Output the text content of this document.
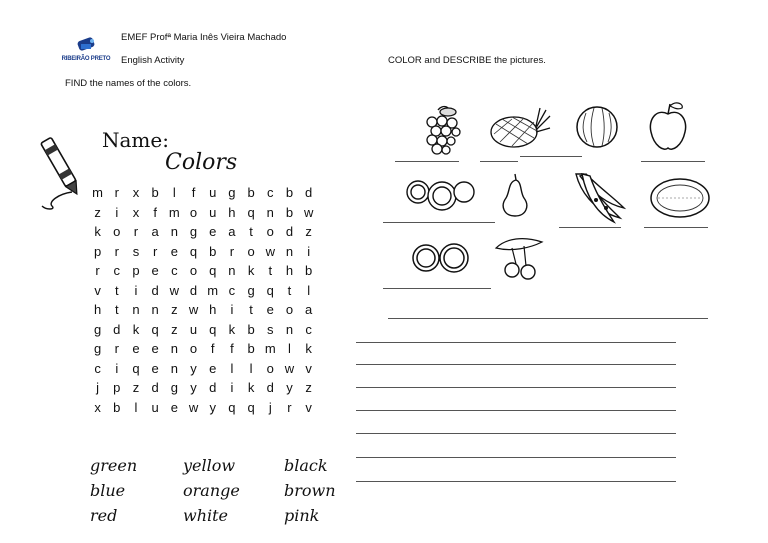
RIBEIRÃO PRETO
EMEF Profª Maria Inês Vieira Machado
English Activity
FIND the names of the colors.
COLOR and DESCRIBE the pictures.
Name:
Colors
m	r	x	b	l	f	u	g	b	c	b	d
z	i	x	f	m	o	u	h	q	n	b	w
k	o	r	a	n	g	e	a	t	o	d	z
p	r	s	r	e	q	b	r	o	w	n	i
r	c	p	e	c	o	q	n	k	t	h	b
v	t	i	d	w	d	m	c	g	q	t	l
h	t	n	n	z	w	h	i	t	e	o	a
g	d	k	q	z	u	q	k	b	s	n	c
g	r	e	e	n	o	f	f	b	m	l	k
c	i	q	e	n	y	e	l	l	o	w	v
j	p	z	d	g	y	d	i	k	d	y	z
x	b	l	u	e	w	y	q	q	j	r	v
green	yellow	black
blue	orange	brown
red	white	pink
